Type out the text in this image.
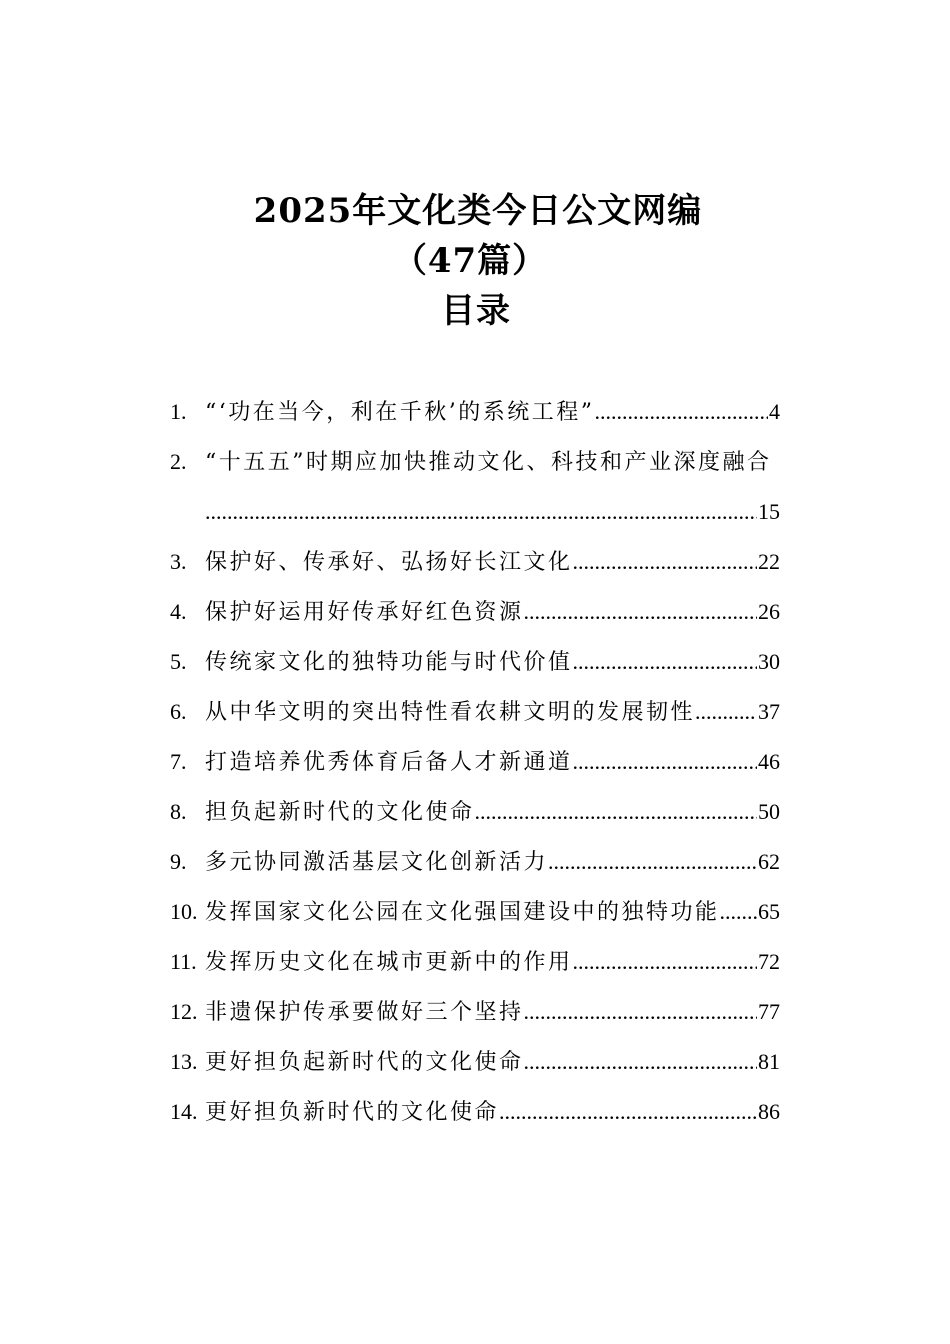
2025年文化类今日公文网编
（47篇）
目录
1. “‘功在当今，利在千秋’的系统工程” .....	4
2. “十五五”时期应加快推动文化、科技和产业深度融合
.....
15
3. 保护好、传承好、弘扬好长江文化 .....	22
4. 保护好运用好传承好红色资源 .....	26
5. 传统家文化的独特功能与时代价值 .....	30
6. 从中华文明的突出特性看农耕文明的发展韧性 .....	37
7. 打造培养优秀体育后备人才新通道 .....	46
8. 担负起新时代的文化使命 .....	50
9. 多元协同激活基层文化创新活力 .....	62
10. 发挥国家文化公园在文化强国建设中的独特功能 ..... 65
11. 发挥历史文化在城市更新中的作用 .....	72
12. 非遗保护传承要做好三个坚持 .....	77
13. 更好担负起新时代的文化使命 .....	81
14. 更好担负新时代的文化使命 .....	86
